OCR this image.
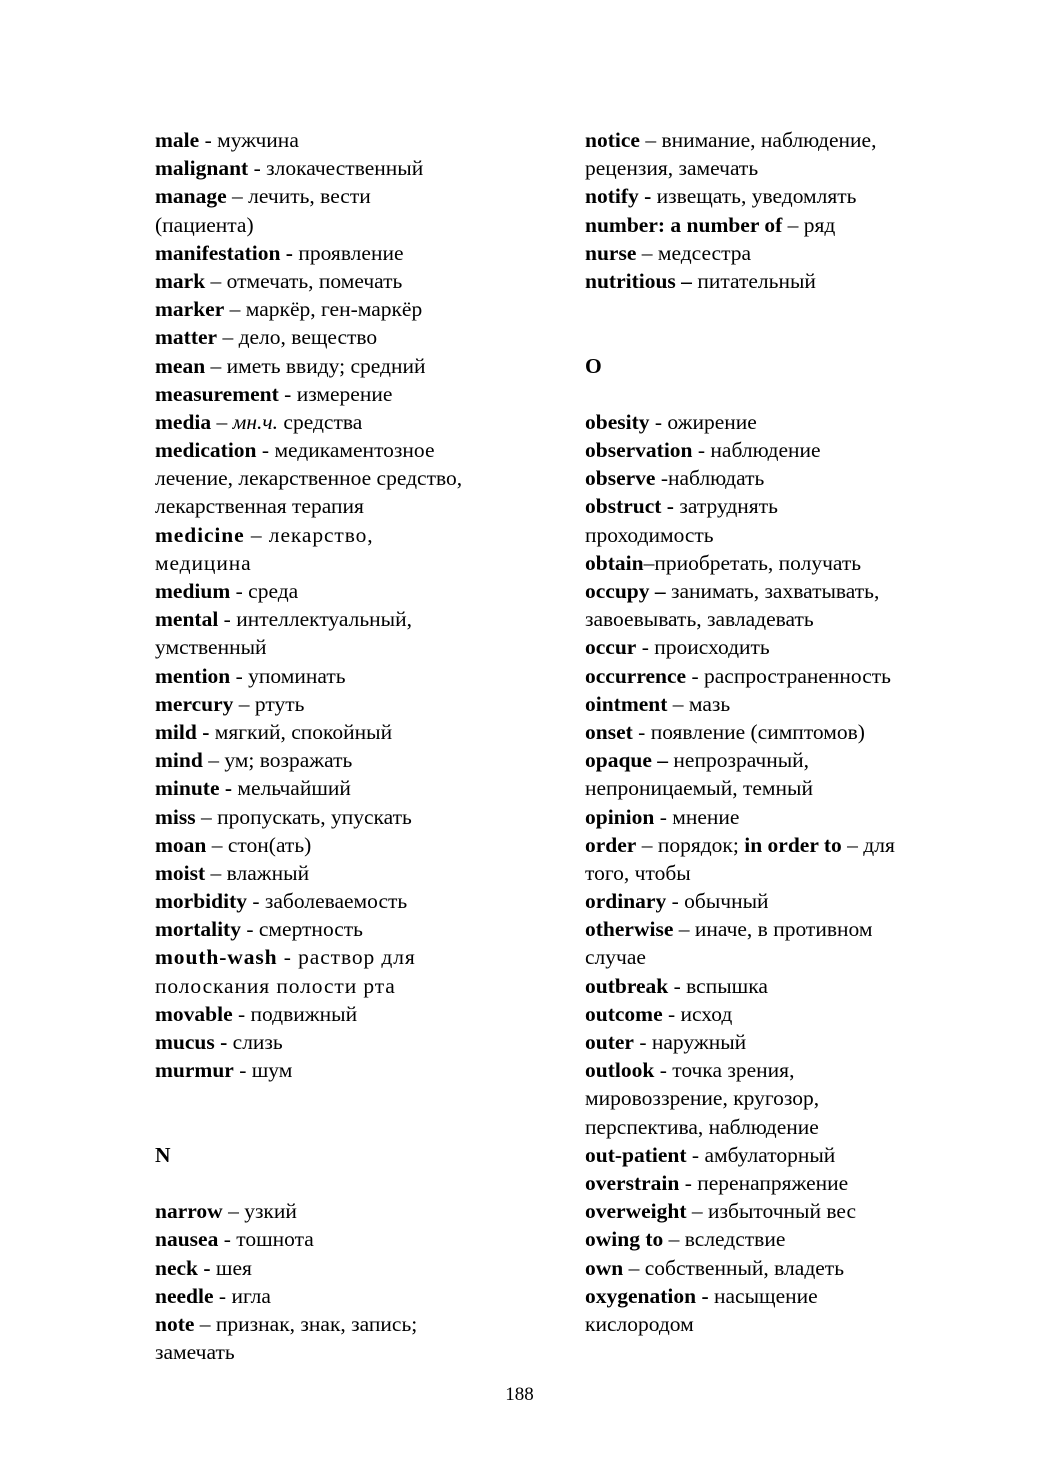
male - мужчина
malignant - злокачественный
manage – лечить, вести
(пациента)
manifestation - проявление
mark – отмечать, помечать
marker – маркёр, ген-маркёр
matter – дело, вещество
mean – иметь ввиду; средний
measurement - измерение
media – мн.ч. средства
medication - медикаментозное
лечение, лекарственное средство,
лекарственная терапия
medicine – лекарство,
медицина
medium - среда
mental - интеллектуальный,
умственный
mention - упоминать
mercury – ртуть
mild - мягкий, спокойный
mind – ум; возражать
minute - мельчайший
miss – пропускать, упускать
moan – стон(ать)
moist – влажный
morbidity - заболеваемость
mortality - смертность
mouth-wash - раствор для
полоскания полости рта
movable - подвижный
mucus - слизь
murmur - шум
N
narrow – узкий
nausea - тошнота
neck - шея
needle - игла
note – признак, знак, запись;
замечать
notice – внимание, наблюдение,
рецензия, замечать
notify - извещать, уведомлять
number: a number of – ряд
nurse – медсестра
nutritious – питательный
O
obesity - ожирение
observation - наблюдение
observe -наблюдать
obstruct - затруднять
проходимость
obtain–приобретать, получать
occupy – занимать, захватывать,
завоевывать, завладевать
occur - происходить
occurrence - распространенность
ointment – мазь
onset - появление (симптомов)
opaque – непрозрачный,
непроницаемый, темный
opinion - мнение
order – порядок; in order to – для
того, чтобы
ordinary - обычный
otherwise – иначе, в противном
случае
outbreak - вспышка
outcome - исход
outer - наружный
outlook - точка зрения,
мировоззрение, кругозор,
перспектива, наблюдение
out-patient - амбулаторный
overstrain - перенапряжение
overweight – избыточный вес
owing to – вследствие
own – собственный, владеть
oxygenation - насыщение
кислородом
188
